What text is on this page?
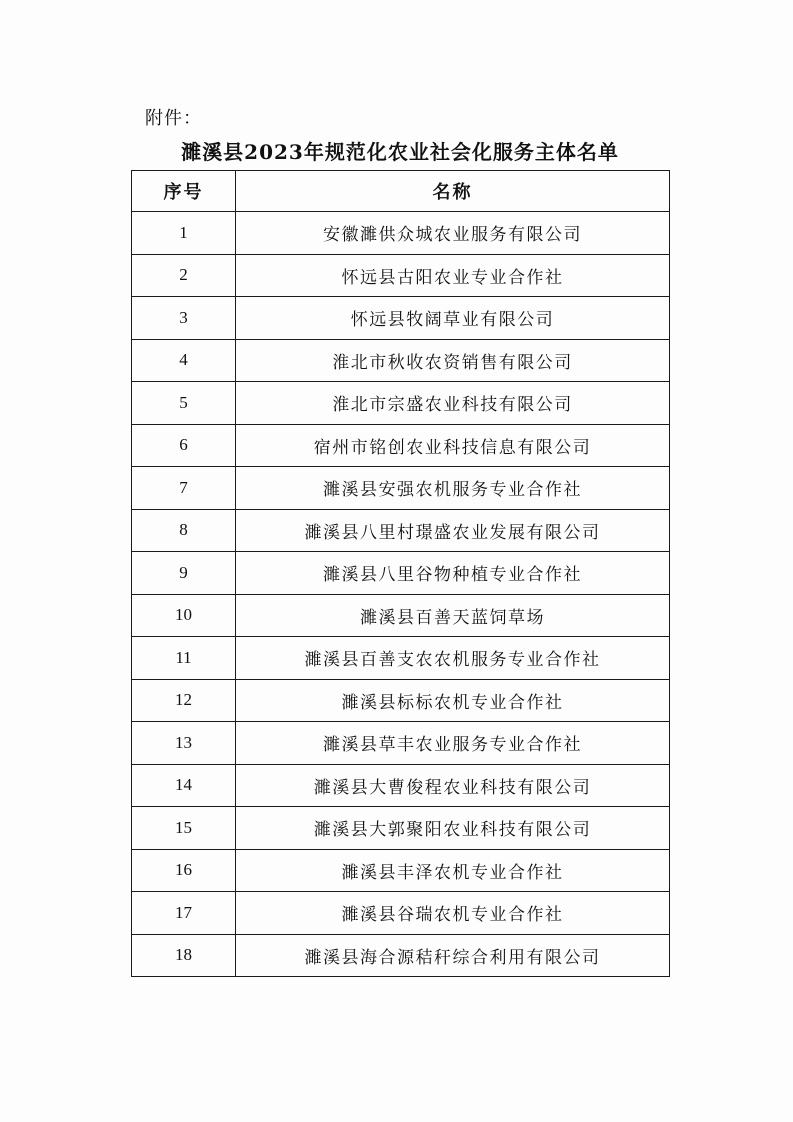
附件：
濉溪县2023年规范化农业社会化服务主体名单
序号	名称
1	安徽濉供众城农业服务有限公司
2	怀远县古阳农业专业合作社
3	怀远县牧阔草业有限公司
4	淮北市秋收农资销售有限公司
5	淮北市宗盛农业科技有限公司
6	宿州市铭创农业科技信息有限公司
7	濉溪县安强农机服务专业合作社
8	濉溪县八里村璟盛农业发展有限公司
9	濉溪县八里谷物种植专业合作社
10	濉溪县百善天蓝饲草场
11	濉溪县百善支农农机服务专业合作社
12	濉溪县标标农机专业合作社
13	濉溪县草丰农业服务专业合作社
14	濉溪县大曹俊程农业科技有限公司
15	濉溪县大郭聚阳农业科技有限公司
16	濉溪县丰泽农机专业合作社
17	濉溪县谷瑞农机专业合作社
18	濉溪县海合源秸秆综合利用有限公司
